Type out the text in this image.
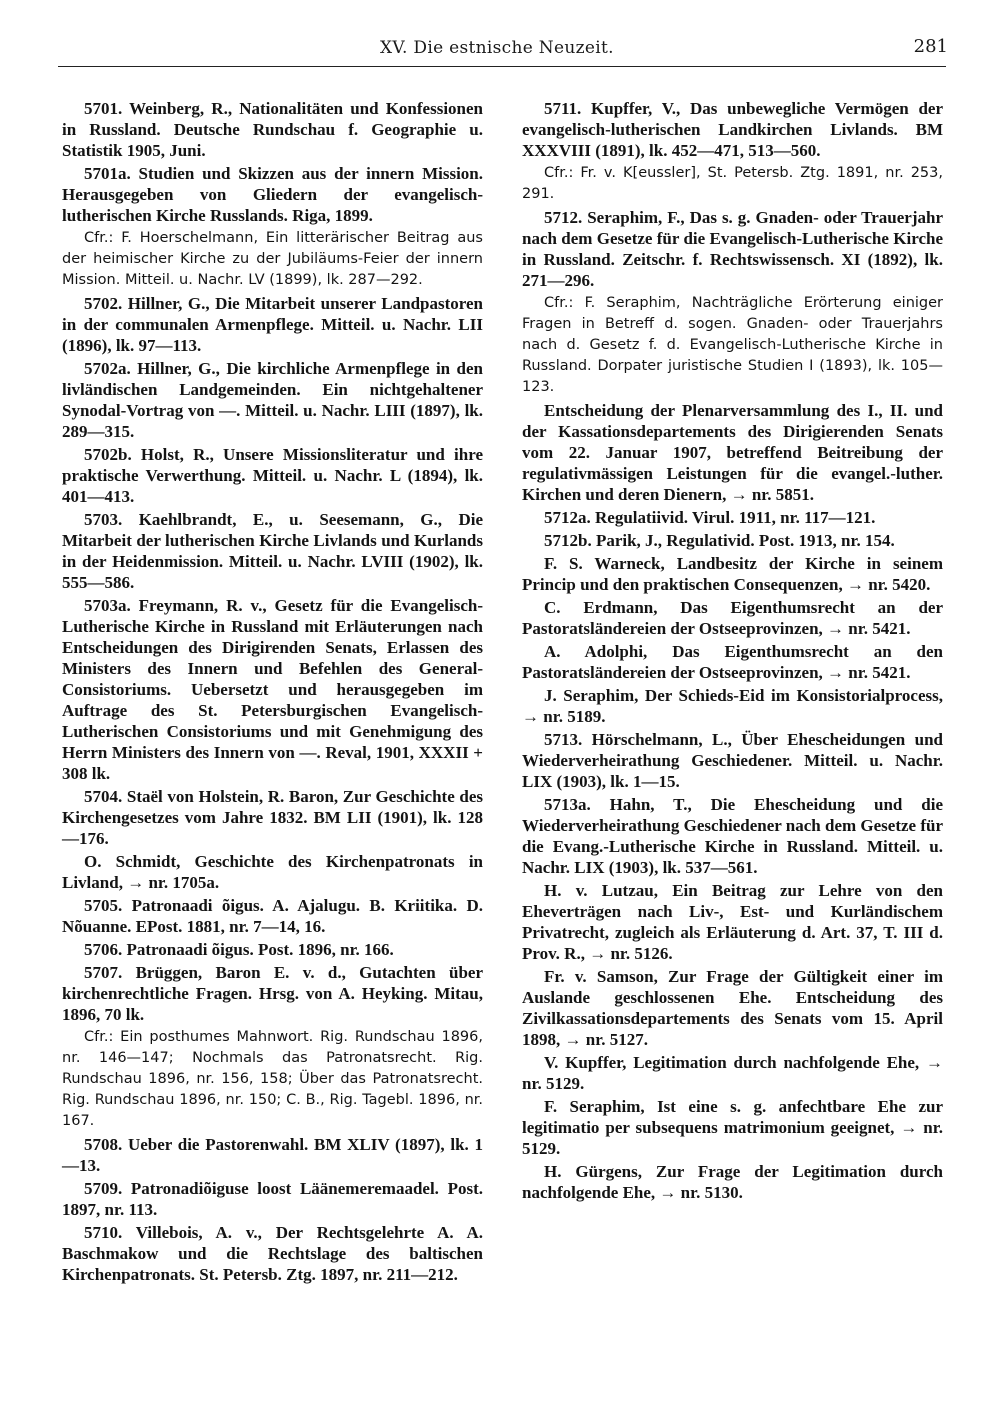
XV. Die estnische Neuzeit.	281

5701. Weinberg, R., Nationalitäten und Konfessionen in Russland. Deutsche Rundschau f. Geographie u. Statistik 1905, Juni.

5701a. Studien und Skizzen aus der innern Mission. Herausgegeben von Gliedern der evangelisch-lutherischen Kirche Russlands. Riga, 1899.

Cfr.: F. Hoerschelmann, Ein litterärischer Beitrag aus der heimischer Kirche zu der Jubiläums-Feier der innern Mission. Mitteil. u. Nachr. LV (1899), lk. 287—292.

5702. Hillner, G., Die Mitarbeit unserer Landpastoren in der communalen Armenpflege. Mitteil. u. Nachr. LII (1896), lk. 97—113.

5702a. Hillner, G., Die kirchliche Armenpflege in den livländischen Landgemeinden. Ein nichtgehaltener Synodal-Vortrag von —. Mitteil. u. Nachr. LIII (1897), lk. 289—315.

5702b. Holst, R., Unsere Missionsliteratur und ihre praktische Verwerthung. Mitteil. u. Nachr. L (1894), lk. 401—413.

5703. Kaehlbrandt, E., u. Seesemann, G., Die Mitarbeit der lutherischen Kirche Livlands und Kurlands in der Heidenmission. Mitteil. u. Nachr. LVIII (1902), lk. 555—586.

5703a. Freymann, R. v., Gesetz für die Evangelisch-Lutherische Kirche in Russland mit Erläuterungen nach Entscheidungen des Dirigirenden Senats, Erlassen des Ministers des Innern und Befehlen des General-Consistoriums. Uebersetzt und herausgegeben im Auftrage des St. Petersburgischen Evangelisch-Lutherischen Consistoriums und mit Genehmigung des Herrn Ministers des Innern von —. Reval, 1901, XXXII + 308 lk.

5704. Staël von Holstein, R. Baron, Zur Geschichte des Kirchengesetzes vom Jahre 1832. BM LII (1901), lk. 128—176.

O. Schmidt, Geschichte des Kirchenpatronats in Livland, → nr. 1705a.

5705. Patronaadi õigus. A. Ajalugu. B. Kriitika. D. Nõuanne. EPost. 1881, nr. 7—14, 16.

5706. Patronaadi õigus. Post. 1896, nr. 166.

5707. Brüggen, Baron E. v. d., Gutachten über kirchenrechtliche Fragen. Hrsg. von A. Heyking. Mitau, 1896, 70 lk.

Cfr.: Ein posthumes Mahnwort. Rig. Rundschau 1896, nr. 146—147; Nochmals das Patronatsrecht. Rig. Rundschau 1896, nr. 156, 158; Über das Patronatsrecht. Rig. Rundschau 1896, nr. 150; C. B., Rig. Tagebl. 1896, nr. 167.

5708. Ueber die Pastorenwahl. BM XLIV (1897), lk. 1—13.

5709. Patronadiõiguse loost Läänemeremaadel. Post. 1897, nr. 113.

5710. Villebois, A. v., Der Rechtsgelehrte A. A. Baschmakow und die Rechtslage des baltischen Kirchenpatronats. St. Petersb. Ztg. 1897, nr. 211—212.

5711. Kupffer, V., Das unbewegliche Vermögen der evangelisch-lutherischen Landkirchen Livlands. BM XXXVIII (1891), lk. 452—471, 513—560.

Cfr.: Fr. v. K[eussler], St. Petersb. Ztg. 1891, nr. 253, 291.

5712. Seraphim, F., Das s. g. Gnaden- oder Trauerjahr nach dem Gesetze für die Evangelisch-Lutherische Kirche in Russland. Zeitschr. f. Rechtswissensch. XI (1892), lk. 271—296.

Cfr.: F. Seraphim, Nachträgliche Erörterung einiger Fragen in Betreff d. sogen. Gnaden- oder Trauerjahrs nach d. Gesetz f. d. Evangelisch-Lutherische Kirche in Russland. Dorpater juristische Studien I (1893), lk. 105—123.

Entscheidung der Plenarversammlung des I., II. und der Kassationsdepartements des Dirigierenden Senats vom 22. Januar 1907, betreffend Beitreibung der regulativmässigen Leistungen für die evangel.-luther. Kirchen und deren Dienern, → nr. 5851.

5712a. Regulatiivid. Virul. 1911, nr. 117—121.

5712b. Parik, J., Regulativid. Post. 1913, nr. 154.

F. S. Warneck, Landbesitz der Kirche in seinem Princip und den praktischen Consequenzen, → nr. 5420.

C. Erdmann, Das Eigenthumsrecht an der Pastoratsländereien der Ostseeprovinzen, → nr. 5421.

A. Adolphi, Das Eigenthumsrecht an den Pastoratsländereien der Ostseeprovinzen, → nr. 5421.

J. Seraphim, Der Schieds-Eid im Konsistorialprocess, → nr. 5189.

5713. Hörschelmann, L., Über Ehescheidungen und Wiederverheirathung Geschiedener. Mitteil. u. Nachr. LIX (1903), lk. 1—15.

5713a. Hahn, T., Die Ehescheidung und die Wiederverheirathung Geschiedener nach dem Gesetze für die Evang.-Lutherische Kirche in Russland. Mitteil. u. Nachr. LIX (1903), lk. 537—561.

H. v. Lutzau, Ein Beitrag zur Lehre von den Eheverträgen nach Liv-, Est- und Kurländischem Privatrecht, zugleich als Erläuterung d. Art. 37, T. III d. Prov. R., → nr. 5126.

Fr. v. Samson, Zur Frage der Gültigkeit einer im Auslande geschlossenen Ehe. Entscheidung des Zivilkassationsdepartements des Senats vom 15. April 1898, → nr. 5127.

V. Kupffer, Legitimation durch nachfolgende Ehe, → nr. 5129.

F. Seraphim, Ist eine s. g. anfechtbare Ehe zur legitimatio per subsequens matrimonium geeignet, → nr. 5129.

H. Gürgens, Zur Frage der Legitimation durch nachfolgende Ehe, → nr. 5130.
